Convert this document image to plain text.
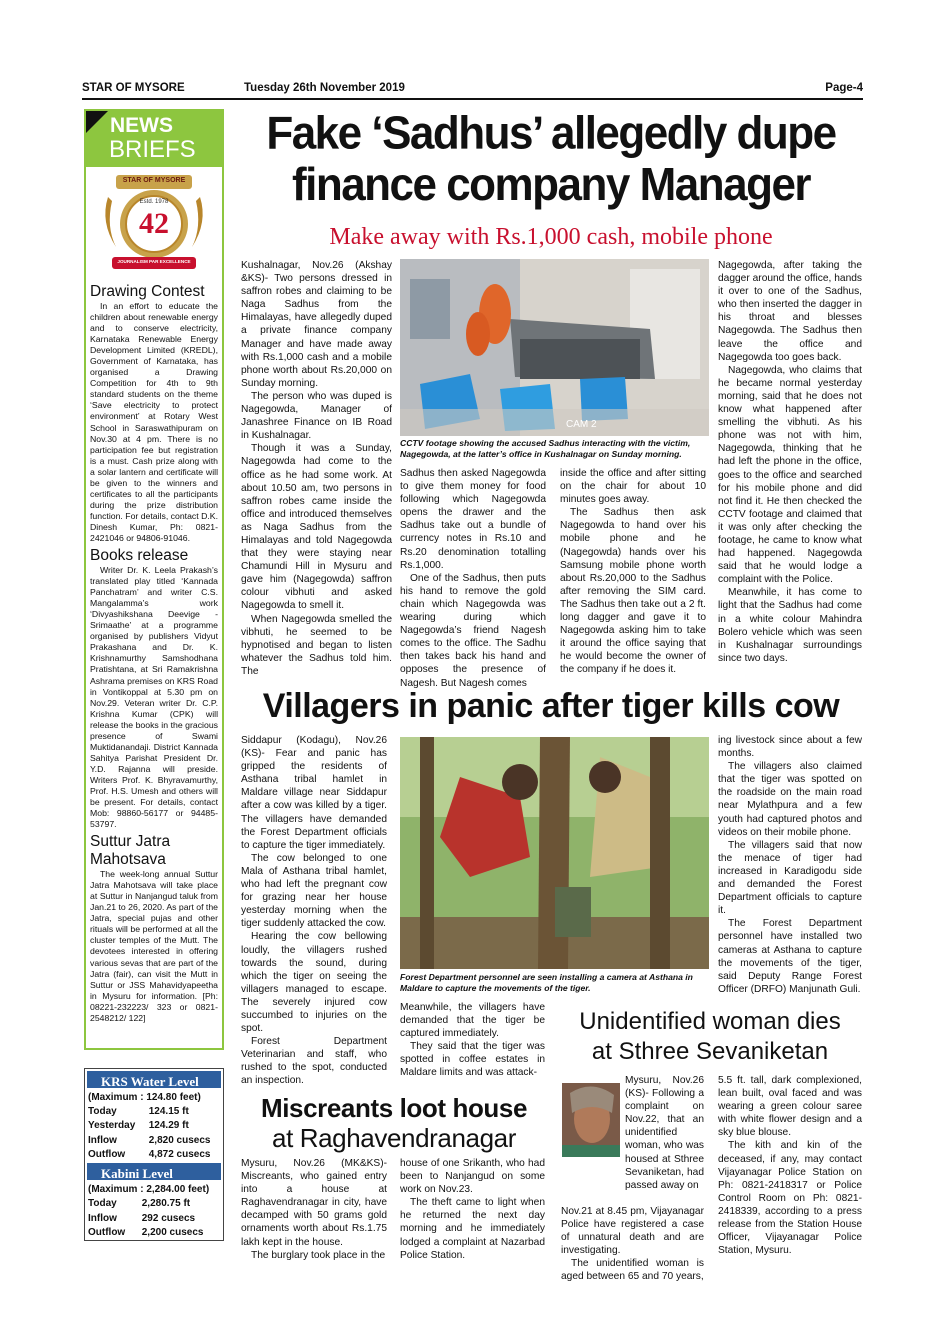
STAR OF MYSORE	Tuesday 26th November 2019	Page-4
NEWS
BRIEFS
STAR OF MYSORE
Estd. 1978
42
JOURNALISM PAR EXCELLENCE
Drawing Contest

In an effort to educate the children about renewable energy and to conserve electricity, Karnataka Renewable Energy Development Limited (KREDL), Government of Karnataka, has organised a Drawing Competition for 4th to 9th standard students on the theme ‘Save electricity to protect environment’ at Rotary West School in Saraswathipuram on Nov.30 at 4 pm. There is no participation fee but registration is a must. Cash prize along with a solar lantern and certificate will be given to the winners and certificates to all the participants during the prize distribution function. For details, contact D.K. Dinesh Kumar, Ph: 0821-2421046 or 94806-91046.

Books release

Writer Dr. K. Leela Prakash’s translated play titled ‘Kannada Panchatram’ and writer C.S. Mangalamma’s work ‘Divyashikshana Deevige - Srimaathe’ at a programme organised by publishers Vidyut Prakashana and Dr. K. Krishnamurthy Samshodhana Pratishtana, at Sri Ramakrishna Ashrama premises on KRS Road in Vontikoppal at 5.30 pm on Nov.29. Veteran writer Dr. C.P. Krishna Kumar (CPK) will release the books in the gracious presence of Swami Muktidanandaji. District Kannada Sahitya Parishat President Dr. Y.D. Rajanna will preside. Writers Prof. K. Bhyravamurthy, Prof. H.S. Umesh and others will be present. For details, contact Mob: 98860-56177 or 94485-53797.

Suttur Jatra
Mahotsava

The week-long annual Suttur Jatra Mahotsava will take place at Suttur in Nanjangud taluk from Jan.21 to 26, 2020. As part of the Jatra, special pujas and other rituals will be performed at all the cluster temples of the Mutt. The devotees interested in offering various sevas that are part of the Jatra (fair), can visit the Mutt in Suttur or JSS Mahavidyapeetha in Mysuru for information. [Ph: 08221-232223/ 323 or 0821-2548212/ 122]

KRS Water Level
(Maximum : 124.80 feet)	
Today	124.15 ft
Yesterday	124.29 ft
Inflow	2,820 cusecs
Outflow	4,872 cusecs
Kabini Level
(Maximum : 2,284.00 feet)	
Today	2,280.75 ft
Inflow	292 cusecs
Outflow	2,200 cusecs
Fake ‘Sadhus’ allegedly dupe
finance company Manager
Make away with Rs.1,000 cash, mobile phone

Kushalnagar, Nov.26 (Akshay &KS)- Two persons dressed in saffron robes and claiming to be Naga Sadhus from the Himalayas, have allegedly duped a private finance company Manager and have made away with Rs.1,000 cash and a mobile phone worth about Rs.20,000 on Sunday morning.

The person who was duped is Nagegowda, Manager of Janashree Finance on IB Road in Kushalnagar.

Though it was a Sunday, Nagegowda had come to the office as he had some work. At about 10.50 am, two persons in saffron robes came inside the office and introduced themselves as Naga Sadhus from the Himalayas and told Nagegowda that they were staying near Chamundi Hill in Mysuru and gave him (Nagegowda) saffron colour vibhuti and asked Nagegowda to smell it.

When Nagegowda smelled the vibhuti, he seemed to be hypnotised and began to listen whatever the Sadhus told him. The

CAM 2
CCTV footage showing the accused Sadhus interacting with the victim, Nagegowda, at the latter’s office in Kushalnagar on Sunday morning.

Sadhus then asked Nagegowda to give them money for food following which Nagegowda opens the drawer and the Sadhus take out a bundle of currency notes in Rs.10 and Rs.20 denomination totalling Rs.1,000.

One of the Sadhus, then puts his hand to remove the gold chain which Nagegowda was wearing during which Nagegowda’s friend Nagesh comes to the office. The Sadhu then takes back his hand and opposes the presence of Nagesh. But Nagesh comes

inside the office and after sitting on the chair for about 10 minutes goes away.

The Sadhus then ask Nagegowda to hand over his mobile phone and he (Nagegowda) hands over his Samsung mobile phone worth about Rs.20,000 to the Sadhus after removing the SIM card. The Sadhus then take out a 2 ft. long dagger and gave it to Nagegowda asking him to take it around the office saying that he would become the owner of the company if he does it.

Nagegowda, after taking the dagger around the office, hands it over to one of the Sadhus, who then inserted the dagger in his throat and blesses Nagegowda. The Sadhus then leave the office and Nagegowda too goes back.

Nagegowda, who claims that he became normal yesterday morning, said that he does not know what happened after smelling the vibhuti. As his phone was not with him, Nagegowda, thinking that he had left the phone in the office, goes to the office and searched for his mobile phone and did not find it. He then checked the CCTV footage and claimed that it was only after checking the footage, he came to know what had happened. Nagegowda said that he would lodge a complaint with the Police.

Meanwhile, it has come to light that the Sadhus had come in a white colour Mahindra Bolero vehicle which was seen in Kushalnagar surroundings since two days.

Villagers in panic after tiger kills cow

Siddapur (Kodagu), Nov.26 (KS)- Fear and panic has gripped the residents of Asthana tribal hamlet in Maldare village near Siddapur after a cow was killed by a tiger. The villagers have demanded the Forest Department officials to capture the tiger immediately.

The cow belonged to one Mala of Asthana tribal hamlet, who had left the pregnant cow for grazing near her house yesterday morning when the tiger suddenly attacked the cow.

Hearing the cow bellowing loudly, the villagers rushed towards the sound, during which the tiger on seeing the villagers managed to escape. The severely injured cow succumbed to injuries on the spot.

Forest Department Veterinarian and staff, who rushed to the spot, conducted an inspection.

Forest Department personnel are seen installing a camera at Asthana in Maldare to capture the movements of the tiger.

Meanwhile, the villagers have demanded that the tiger be captured immediately.

They said that the tiger was spotted in coffee estates in Maldare limits and was attack-

ing livestock since about a few months.

The villagers also claimed that the tiger was spotted on the roadside on the main road near Mylathpura and a few youth had captured photos and videos on their mobile phone.

The villagers said that now the menace of tiger had increased in Karadigodu side and demanded the Forest Department officials to capture it.

The Forest Department personnel have installed two cameras at Asthana to capture the movements of the tiger, said Deputy Range Forest Officer (DRFO) Manjunath Guli.

Miscreants loot house
at Raghavendranagar

Mysuru, Nov.26 (MK&KS)- Miscreants, who gained entry into a house at Raghavendranagar in city, have decamped with 50 grams gold ornaments worth about Rs.1.75 lakh kept in the house.

The burglary took place in the

house of one Srikanth, who had been to Nanjangud on some work on Nov.23.

The theft came to light when he returned the next day morning and he immediately lodged a complaint at Nazarbad Police Station.

Unidentified woman dies
at Sthree Sevaniketan

Mysuru, Nov.26 (KS)- Following a complaint on Nov.22, that an unidentified woman, who was housed at Sthree Sevaniketan, had passed away on

Nov.21 at 8.45 pm, Vijayanagar Police have registered a case of unnatural death and are investigating.

The unidentified woman is aged between 65 and 70 years,

5.5 ft. tall, dark complexioned, lean built, oval faced and was wearing a green colour saree with white flower design and a sky blue blouse.

The kith and kin of the deceased, if any, may contact Vijayanagar Police Station on Ph: 0821-2418317 or Police Control Room on Ph: 0821-2418339, according to a press release from the Station House Officer, Vijayanagar Police Station, Mysuru.
